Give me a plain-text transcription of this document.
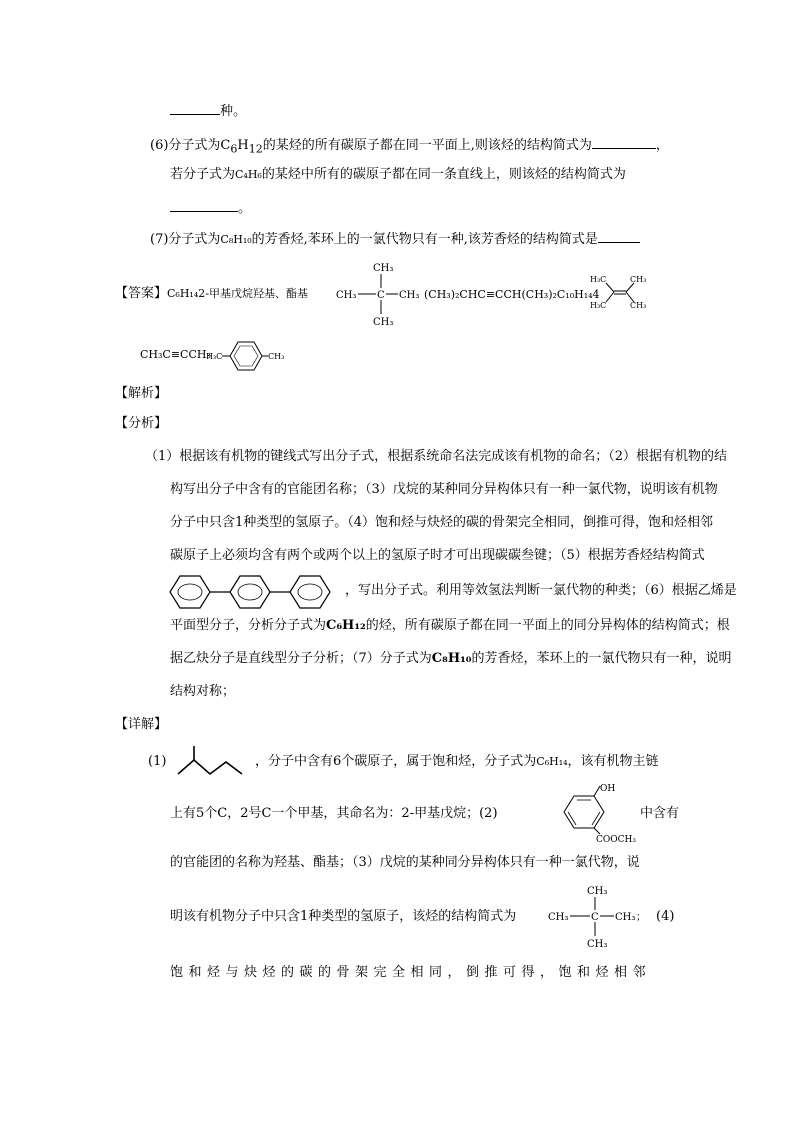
种。
(6)分子式为$C_6H_{12}$的某烃的所有碳原子都在同一平面上,则该烃的结构简式为	，
若分子式为C₄H₆的某烃中所有的碳原子都在同一条直线上，则该烃的结构简式为
。
(7)分子式为C₈H₁₀的芳香烃,苯环上的一氯代物只有一种,该芳香烃的结构简式是
【答案】C₆H₁₄2-甲基戊烷羟基、酯基
CH₃
CH₃ C CH₃
CH₃
(CH₃)₂CHC≡CCH(CH₃)₂C₁₀H₁₄4
H₃C	CH₃
H₃C	CH₃
CH₃C≡CCH₃
H₃C	CH₃
【解析】
【分析】
（1）根据该有机物的键线式写出分子式，根据系统命名法完成该有机物的命名；（2）根据有机物的结
构写出分子中含有的官能团名称；（3）戊烷的某种同分异构体只有一种一氯代物，说明该有机物
分子中只含1种类型的氢原子。（4）饱和烃与炔烃的碳的骨架完全相同，倒推可得，饱和烃相邻
碳原子上必须均含有两个或两个以上的氢原子时才可出现碳碳叁键；（5）根据芳香烃结构简式
，写出分子式。利用等效氢法判断一氯代物的种类；（6）根据乙烯是
平面型分子，分析分子式为C₆H₁₂的烃，所有碳原子都在同一平面上的同分异构体的结构简式；根
据乙炔分子是直线型分子分析；（7）分子式为C₈H₁₀的芳香烃，苯环上的一氯代物只有一种，说明
结构对称；
【详解】
(1)	，分子中含有6个碳原子，属于饱和烃，分子式为C₆H₁₄，该有机物主链
上有5个C，2号C一个甲基，其命名为：2-甲基戊烷；(2)
OH
COOCH₃
中含有
的官能团的名称为羟基、酯基；（3）戊烷的某种同分异构体只有一种一氯代物，说
明该有机物分子中只含1种类型的氢原子，该烃的结构简式为
CH₃
CH₃ C CH₃ ；
CH₃
(4)
饱和烃与炔烃的碳的骨架完全相同，倒推可得，饱和烃相邻
